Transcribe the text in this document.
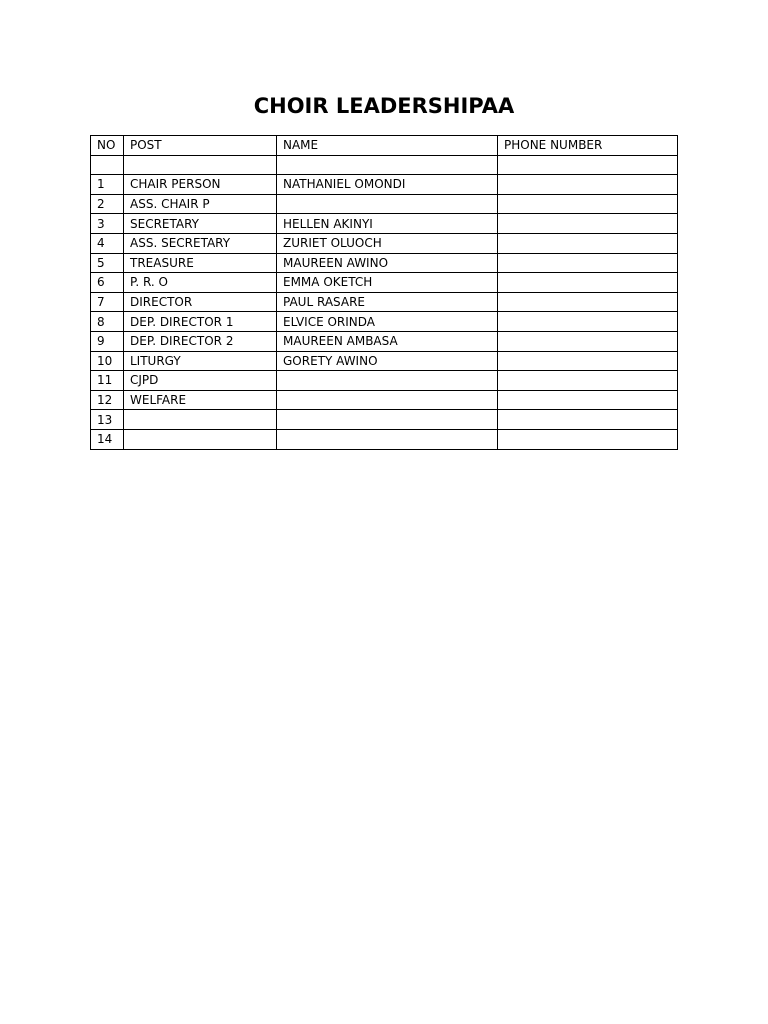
CHOIR LEADERSHIPAA
NO	POST	NAME	PHONE NUMBER

1	CHAIR PERSON	NATHANIEL OMONDI	
2	ASS. CHAIR P		
3	SECRETARY	HELLEN AKINYI	
4	ASS. SECRETARY	ZURIET OLUOCH	
5	TREASURE	MAUREEN AWINO	
6	P. R. O	EMMA OKETCH	
7	DIRECTOR	PAUL RASARE	
8	DEP. DIRECTOR 1	ELVICE ORINDA	
9	DEP. DIRECTOR 2	MAUREEN AMBASA	
10	LITURGY	GORETY AWINO	
11	CJPD		
12	WELFARE		
13			
14			
